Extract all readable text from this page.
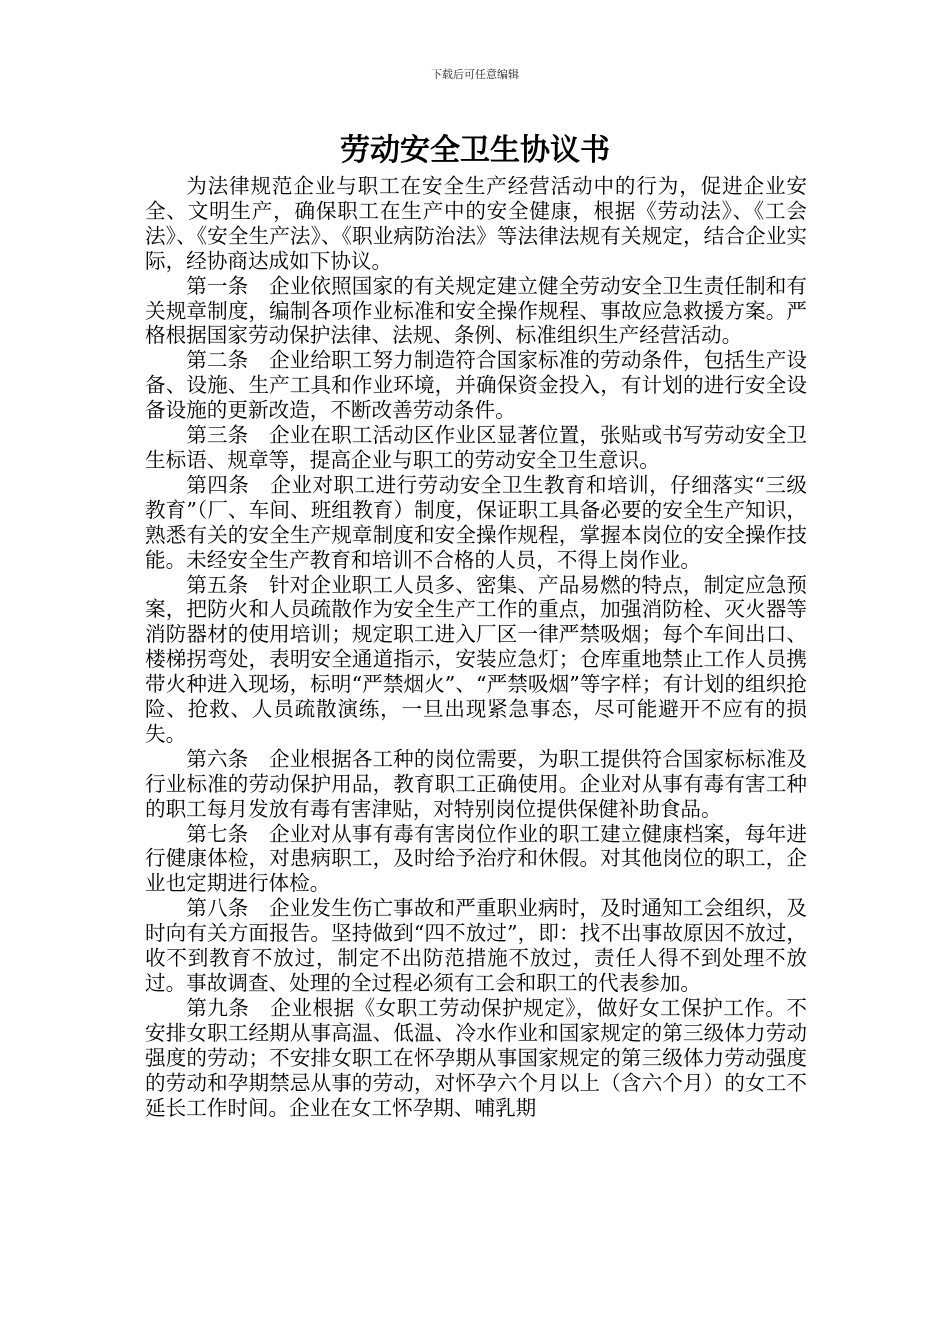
下载后可任意编辑
劳动安全卫生协议书

为法律规范企业与职工在安全生产经营活动中的行为，促进企业安全、文明生产，确保职工在生产中的安全健康，根据《劳动法》、《工会法》、《安全生产法》、《职业病防治法》等法律法规有关规定，结合企业实际，经协商达成如下协议。

第一条　企业依照国家的有关规定建立健全劳动安全卫生责任制和有关规章制度，编制各项作业标准和安全操作规程、事故应急救援方案。严格根据国家劳动保护法律、法规、条例、标准组织生产经营活动。

第二条　企业给职工努力制造符合国家标准的劳动条件，包括生产设备、设施、生产工具和作业环境，并确保资金投入，有计划的进行安全设备设施的更新改造，不断改善劳动条件。

第三条　企业在职工活动区作业区显著位置，张贴或书写劳动安全卫生标语、规章等，提高企业与职工的劳动安全卫生意识。

第四条　企业对职工进行劳动安全卫生教育和培训，仔细落实“三级教育”（厂、车间、班组教育）制度，保证职工具备必要的安全生产知识，熟悉有关的安全生产规章制度和安全操作规程，掌握本岗位的安全操作技能。未经安全生产教育和培训不合格的人员，不得上岗作业。

第五条　针对企业职工人员多、密集、产品易燃的特点，制定应急预案，把防火和人员疏散作为安全生产工作的重点，加强消防栓、灭火器等消防器材的使用培训；规定职工进入厂区一律严禁吸烟；每个车间出口、楼梯拐弯处，表明安全通道指示，安装应急灯；仓库重地禁止工作人员携带火种进入现场，标明“严禁烟火”、“严禁吸烟”等字样；有计划的组织抢险、抢救、人员疏散演练，一旦出现紧急事态，尽可能避开不应有的损失。

第六条　企业根据各工种的岗位需要，为职工提供符合国家标标准及行业标准的劳动保护用品，教育职工正确使用。企业对从事有毒有害工种的职工每月发放有毒有害津贴，对特别岗位提供保健补助食品。

第七条　企业对从事有毒有害岗位作业的职工建立健康档案，每年进行健康体检，对患病职工，及时给予治疗和休假。对其他岗位的职工，企业也定期进行体检。

第八条　企业发生伤亡事故和严重职业病时，及时通知工会组织，及时向有关方面报告。坚持做到“四不放过”，即：找不出事故原因不放过，收不到教育不放过，制定不出防范措施不放过，责任人得不到处理不放过。事故调查、处理的全过程必须有工会和职工的代表参加。

第九条　企业根据《女职工劳动保护规定》，做好女工保护工作。不安排女职工经期从事高温、低温、冷水作业和国家规定的第三级体力劳动强度的劳动；不安排女职工在怀孕期从事国家规定的第三级体力劳动强度的劳动和孕期禁忌从事的劳动，对怀孕六个月以上（含六个月）的女工不延长工作时间。企业在女工怀孕期、哺乳期
